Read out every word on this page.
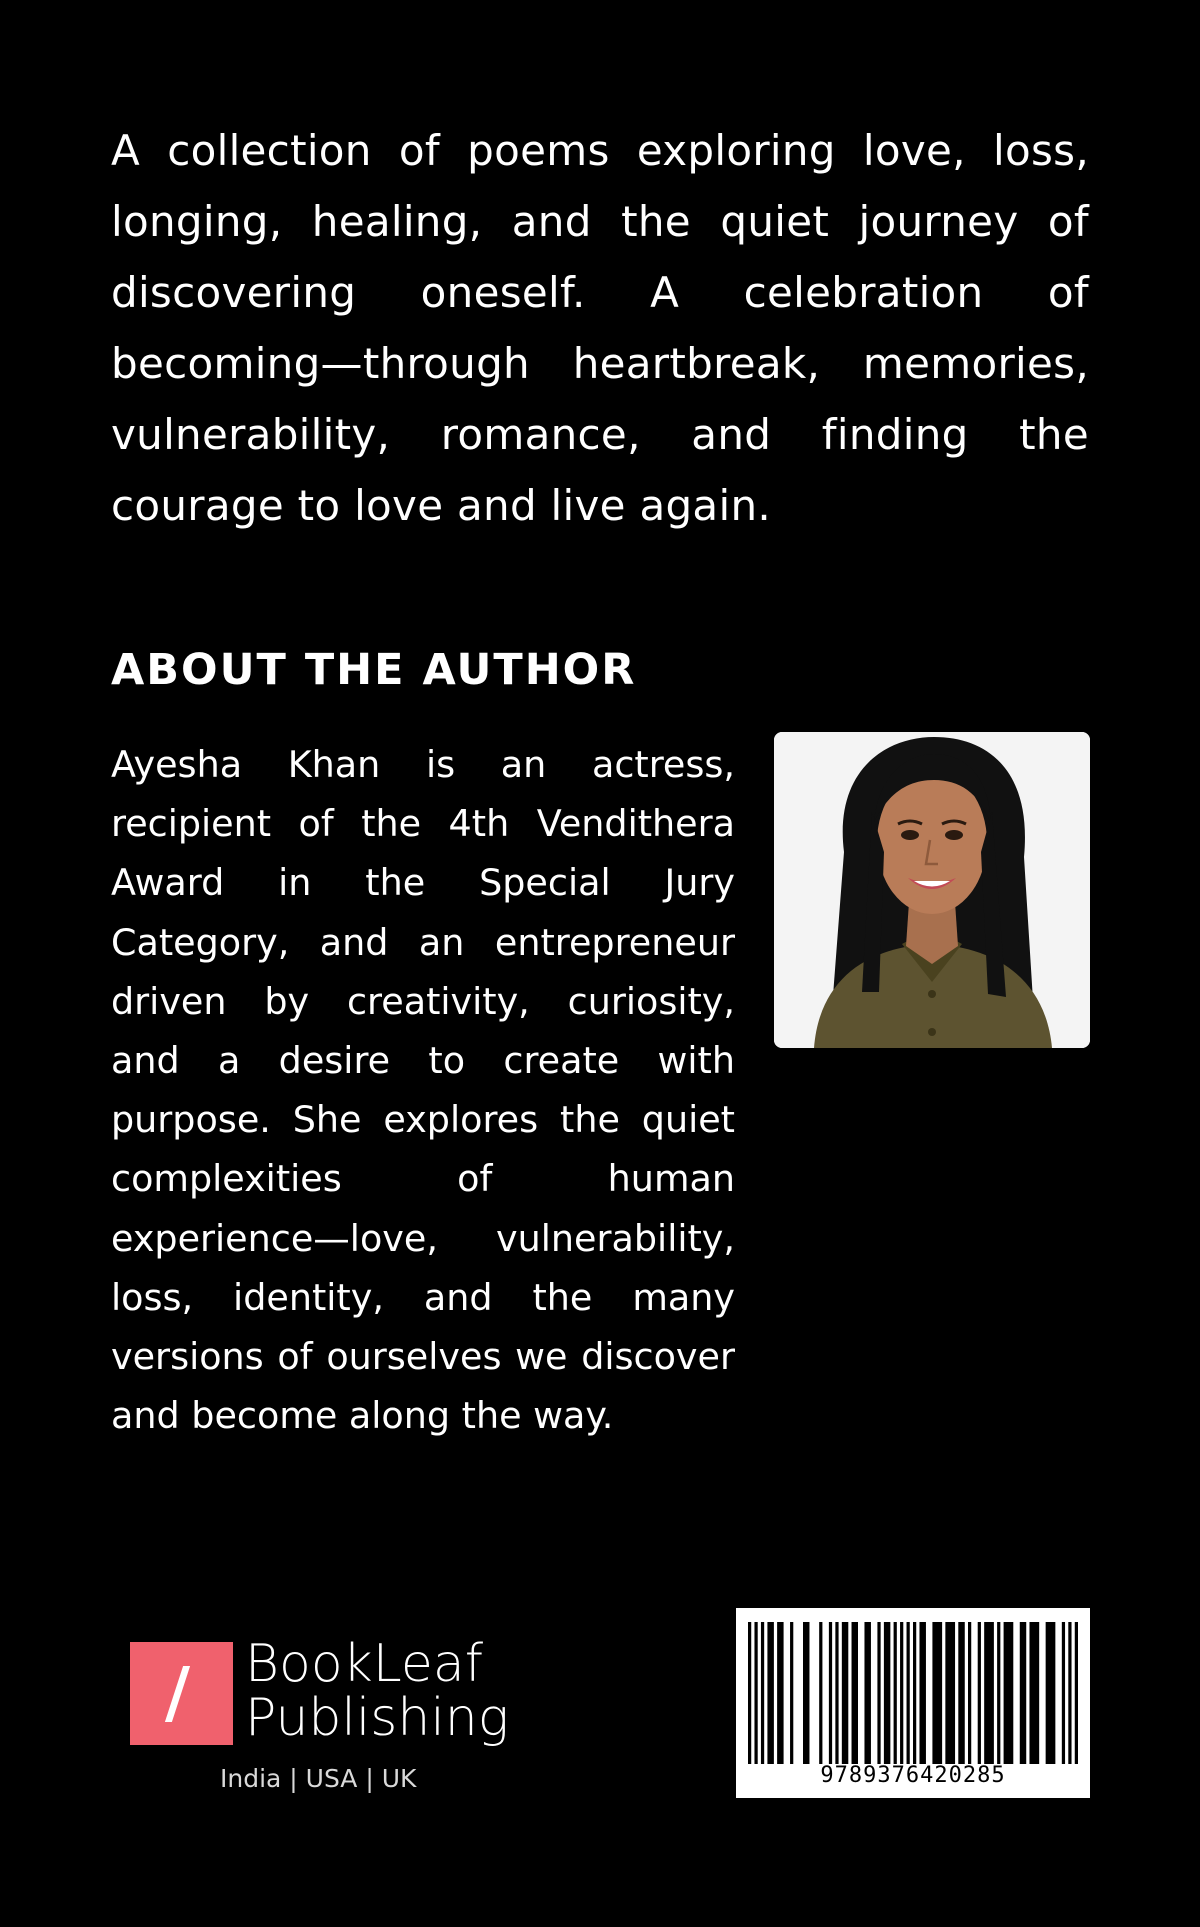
A collection of poems exploring love, loss, longing, healing, and the quiet journey of discovering oneself. A celebration of becoming—through heartbreak, memories, vulnerability, romance, and finding the courage to love and live again.
ABOUT THE AUTHOR
Ayesha Khan is an actress, recipient of the 4th Vendithera Award in the Special Jury Category, and an entrepreneur driven by creativity, curiosity, and a desire to create with purpose. She explores the quiet complexities of human experience—love, vulnerability, loss, identity, and the many versions of ourselves we discover and become along the way.
BookLeaf
Publishing
India | USA | UK	9789376420285
